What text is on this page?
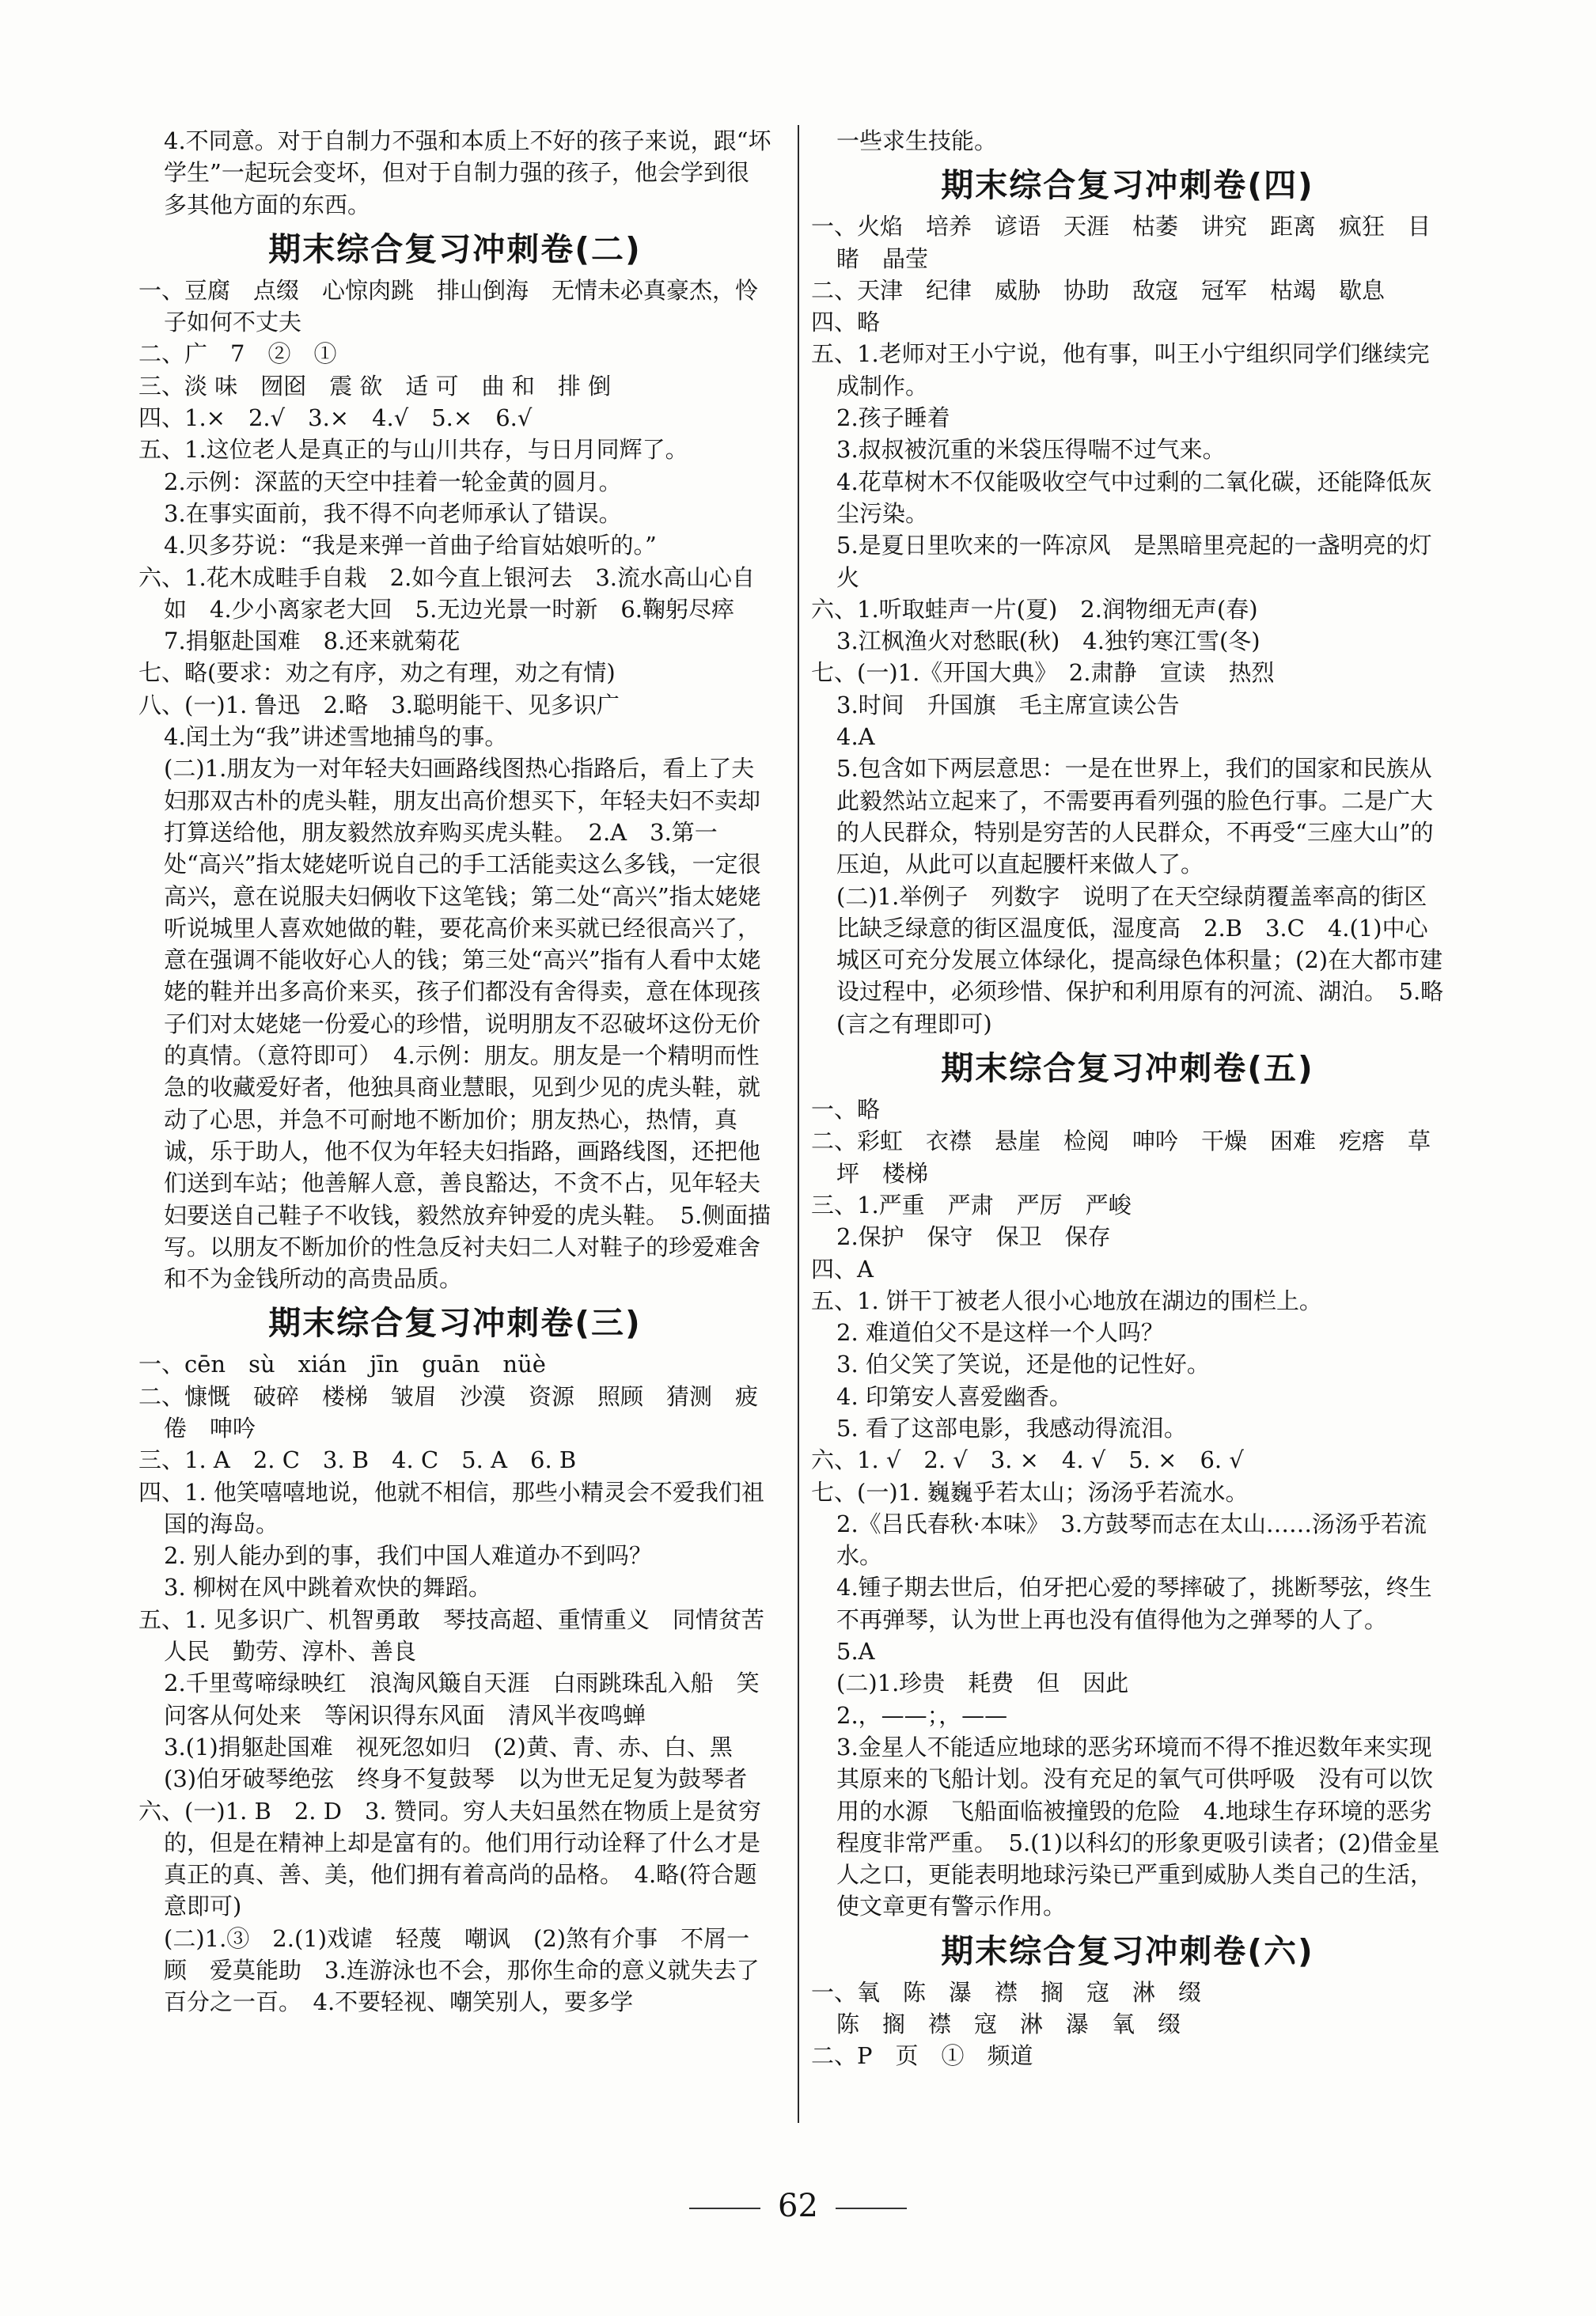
4.不同意。对于自制力不强和本质上不好的孩子来说，跟“坏学生”一起玩会变坏，但对于自制力强的孩子，他会学到很多其他方面的东西。
期末综合复习冲刺卷(二)
一、豆腐　点缀　心惊肉跳　排山倒海　无情未必真豪杰，怜子如何不丈夫
二、广　7　②　①
三、淡 味　囫囵　震 欲　适 可　曲 和　排 倒
四、1.×　2.√　3.×　4.√　5.×　6.√
五、1.这位老人是真正的与山川共存，与日月同辉了。
2.示例：深蓝的天空中挂着一轮金黄的圆月。
3.在事实面前，我不得不向老师承认了错误。
4.贝多芬说：“我是来弹一首曲子给盲姑娘听的。”
六、1.花木成畦手自栽　2.如今直上银河去　3.流水高山心自如　4.少小离家老大回　5.无边光景一时新　6.鞠躬尽瘁　7.捐躯赴国难　8.还来就菊花
七、略(要求：劝之有序，劝之有理，劝之有情)
八、(一)1. 鲁迅　2.略　3.聪明能干、见多识广
4.闰土为“我”讲述雪地捕鸟的事。
(二)1.朋友为一对年轻夫妇画路线图热心指路后，看上了夫妇那双古朴的虎头鞋，朋友出高价想买下，年轻夫妇不卖却打算送给他，朋友毅然放弃购买虎头鞋。　2.A　3.第一处“高兴”指太姥姥听说自己的手工活能卖这么多钱，一定很高兴，意在说服夫妇俩收下这笔钱；第二处“高兴”指太姥姥听说城里人喜欢她做的鞋，要花高价来买就已经很高兴了，意在强调不能收好心人的钱；第三处“高兴”指有人看中太姥姥的鞋并出多高价来买，孩子们都没有舍得卖，意在体现孩子们对太姥姥一份爱心的珍惜，说明朋友不忍破坏这份无价的真情。（意符即可）　4.示例：朋友。朋友是一个精明而性急的收藏爱好者，他独具商业慧眼，见到少见的虎头鞋，就动了心思，并急不可耐地不断加价；朋友热心，热情，真诚，乐于助人，他不仅为年轻夫妇指路，画路线图，还把他们送到车站；他善解人意，善良豁达，不贪不占，见年轻夫妇要送自己鞋子不收钱，毅然放弃钟爱的虎头鞋。　5.侧面描写。以朋友不断加价的性急反衬夫妇二人对鞋子的珍爱难舍和不为金钱所动的高贵品质。
期末综合复习冲刺卷(三)
一、cēn　sù　xián　jīn　guān　nüè
二、慷慨　破碎　楼梯　皱眉　沙漠　资源　照顾　猜测　疲倦　呻吟
三、1. A　2. C　3. B　4. C　5. A　6. B
四、1. 他笑嘻嘻地说，他就不相信，那些小精灵会不爱我们祖国的海岛。
2. 别人能办到的事，我们中国人难道办不到吗？
3. 柳树在风中跳着欢快的舞蹈。
五、1. 见多识广、机智勇敢　琴技高超、重情重义　同情贫苦人民　勤劳、淳朴、善良
2.千里莺啼绿映红　浪淘风簸自天涯　白雨跳珠乱入船　笑问客从何处来　等闲识得东风面　清风半夜鸣蝉
3.(1)捐躯赴国难　视死忽如归　(2)黄、青、赤、白、黑　(3)伯牙破琴绝弦　终身不复鼓琴　以为世无足复为鼓琴者
六、(一)1. B　2. D　3. 赞同。穷人夫妇虽然在物质上是贫穷的，但是在精神上却是富有的。他们用行动诠释了什么才是真正的真、善、美，他们拥有着高尚的品格。　4.略(符合题意即可)
(二)1.③　2.(1)戏谑　轻蔑　嘲讽　(2)煞有介事　不屑一顾　爱莫能助　3.连游泳也不会，那你生命的意义就失去了百分之一百。　4.不要轻视、嘲笑别人，要多学
一些求生技能。
期末综合复习冲刺卷(四)
一、火焰　培养　谚语　天涯　枯萎　讲究　距离　疯狂　目睹　晶莹
二、天津　纪律　威胁　协助　敌寇　冠军　枯竭　歇息
四、略
五、1.老师对王小宁说，他有事，叫王小宁组织同学们继续完成制作。
2.孩子睡着
3.叔叔被沉重的米袋压得喘不过气来。
4.花草树木不仅能吸收空气中过剩的二氧化碳，还能降低灰尘污染。
5.是夏日里吹来的一阵凉风　是黑暗里亮起的一盏明亮的灯火
六、1.听取蛙声一片(夏)　2.润物细无声(春)
3.江枫渔火对愁眠(秋)　4.独钓寒江雪(冬)
七、(一)1.《开国大典》　2.肃静　宣读　热烈
3.时间　升国旗　毛主席宣读公告
4.A
5.包含如下两层意思：一是在世界上，我们的国家和民族从此毅然站立起来了，不需要再看列强的脸色行事。二是广大的人民群众，特别是穷苦的人民群众，不再受“三座大山”的压迫，从此可以直起腰杆来做人了。
(二)1.举例子　列数字　说明了在天空绿荫覆盖率高的街区比缺乏绿意的街区温度低，湿度高　2.B　3.C　4.(1)中心城区可充分发展立体绿化，提高绿色体积量；(2)在大都市建设过程中，必须珍惜、保护和利用原有的河流、湖泊。　5.略(言之有理即可)
期末综合复习冲刺卷(五)
一、略
二、彩虹　衣襟　悬崖　检阅　呻吟　干燥　困难　疙瘩　草坪　楼梯
三、1.严重　严肃　严厉　严峻
2.保护　保守　保卫　保存
四、A
五、1. 饼干丁被老人很小心地放在湖边的围栏上。
2. 难道伯父不是这样一个人吗？
3. 伯父笑了笑说，还是他的记性好。
4. 印第安人喜爱幽香。
5. 看了这部电影，我感动得流泪。
六、1. √　2. √　3. ×　4. √　5. ×　6. √
七、(一)1. 巍巍乎若太山；汤汤乎若流水。
2.《吕氏春秋·本味》　3.方鼓琴而志在太山……汤汤乎若流水。
4.锺子期去世后，伯牙把心爱的琴摔破了，挑断琴弦，终生不再弹琴，认为世上再也没有值得他为之弹琴的人了。
5.A
(二)1.珍贵　耗费　但　因此
2.，——；，——
3.金星人不能适应地球的恶劣环境而不得不推迟数年来实现其原来的飞船计划。没有充足的氧气可供呼吸　没有可以饮用的水源　飞船面临被撞毁的危险　4.地球生存环境的恶劣程度非常严重。　5.(1)以科幻的形象更吸引读者；(2)借金星人之口，更能表明地球污染已严重到威胁人类自己的生活，使文章更有警示作用。
期末综合复习冲刺卷(六)
一、氧　陈　瀑　襟　搁　寇　淋　缀
陈　搁　襟　寇　淋　瀑　氧　缀
二、P　页　①　频道
62
